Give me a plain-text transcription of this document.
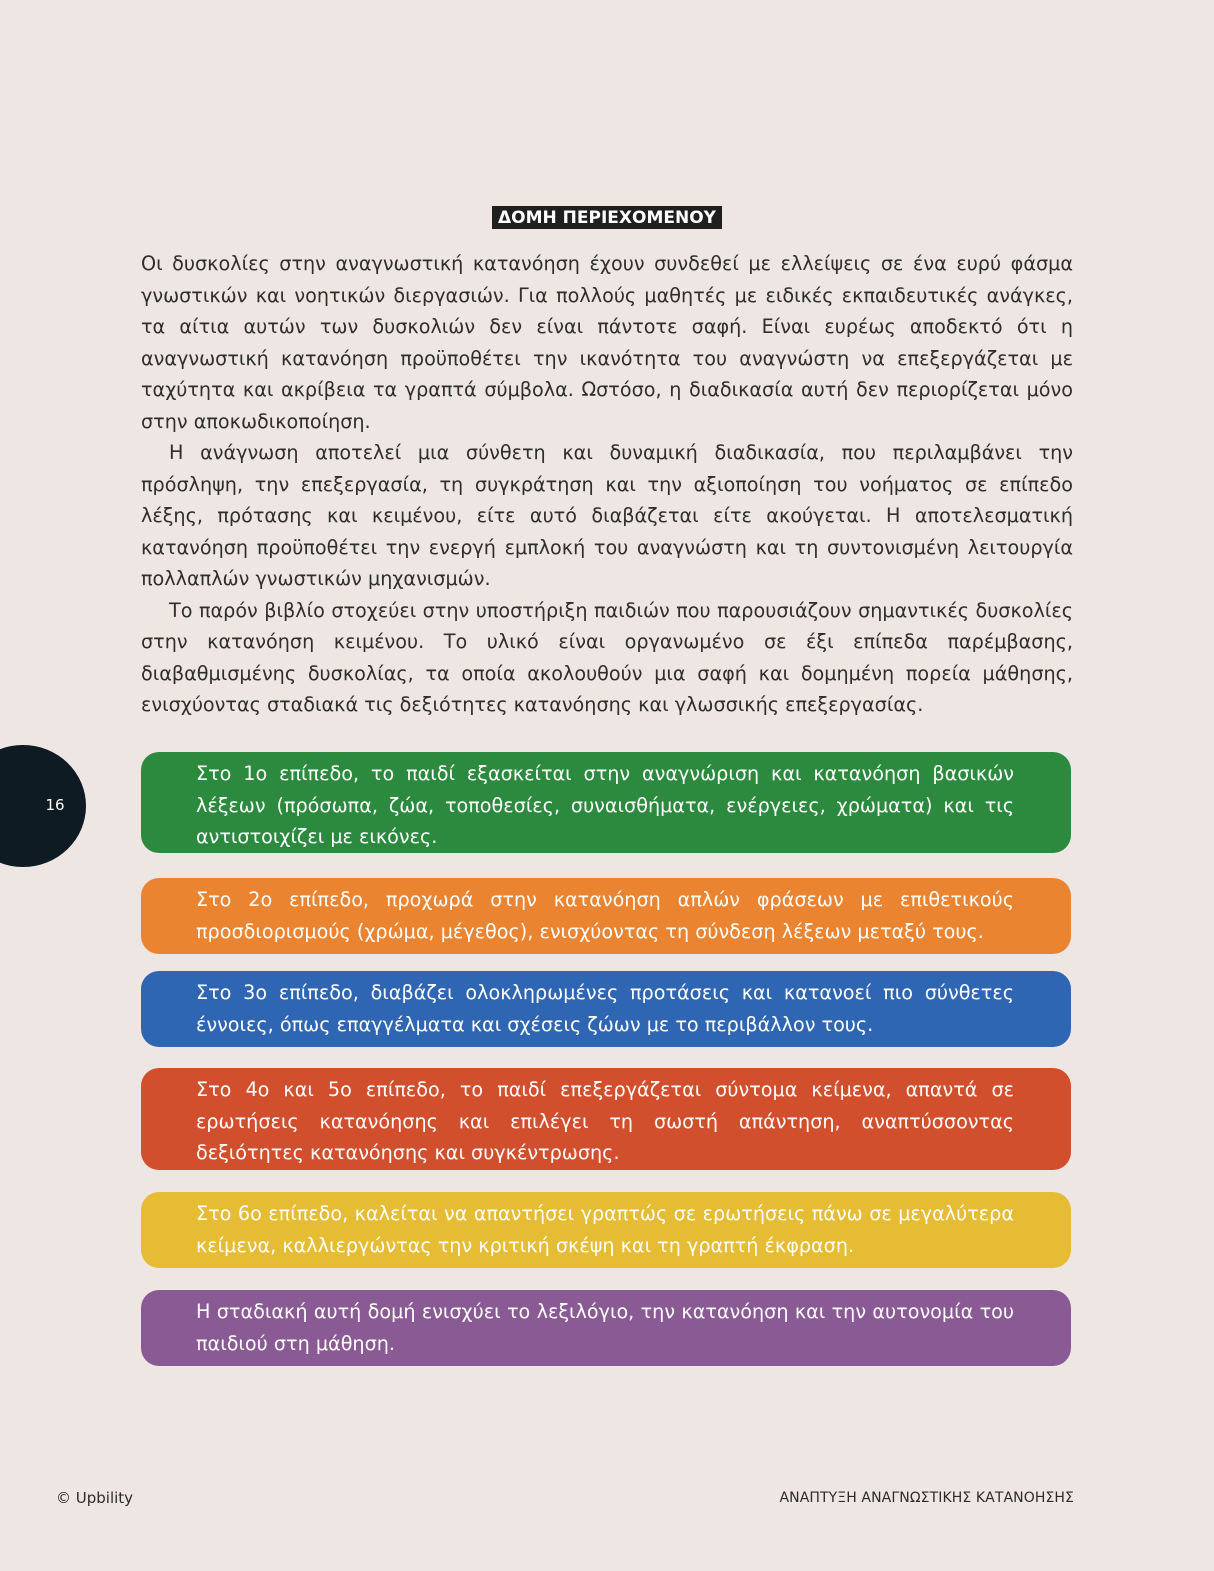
ΔΟΜΗ ΠΕΡΙΕΧΟΜΕΝΟΥ

Οι δυσκολίες στην αναγνωστική κατανόηση έχουν συνδεθεί με ελλείψεις σε ένα ευρύ φάσμα γνωστικών και νοητικών διεργασιών. Για πολλούς μαθητές με ειδικές εκπαιδευτικές ανάγκες, τα αίτια αυτών των δυσκολιών δεν είναι πάντοτε σαφή. Είναι ευρέως αποδεκτό ότι η αναγνωστική κατανόηση προϋποθέτει την ικανότητα του αναγνώστη να επεξεργάζεται με ταχύτητα και ακρίβεια τα γραπτά σύμβολα. Ωστόσο, η διαδικασία αυτή δεν περιορίζεται μόνο στην αποκωδικοποίηση.

Η ανάγνωση αποτελεί μια σύνθετη και δυναμική διαδικασία, που περιλαμβάνει την πρόσληψη, την επεξεργασία, τη συγκράτηση και την αξιοποίηση του νοήματος σε επίπεδο λέξης, πρότασης και κειμένου, είτε αυτό διαβάζεται είτε ακούγεται. Η αποτελεσματική κατανόηση προϋποθέτει την ενεργή εμπλοκή του αναγνώστη και τη συντονισμένη λειτουργία πολλαπλών γνωστικών μηχανισμών.

Το παρόν βιβλίο στοχεύει στην υποστήριξη παιδιών που παρουσιάζουν σημαντικές δυσκολίες στην κατανόηση κειμένου. Το υλικό είναι οργανωμένο σε έξι επίπεδα παρέμβασης, διαβαθμισμένης δυσκολίας, τα οποία ακολουθούν μια σαφή και δομημένη πορεία μάθησης, ενισχύοντας σταδιακά τις δεξιότητες κατανόησης και γλωσσικής επεξεργασίας.

16
Στο 1ο επίπεδο, το παιδί εξασκείται στην αναγνώριση και κατανόηση βασικών λέξεων (πρόσωπα, ζώα, τοποθεσίες, συναισθήματα, ενέργειες, χρώματα) και τις αντιστοιχίζει με εικόνες.
Στο 2ο επίπεδο, προχωρά στην κατανόηση απλών φράσεων με επιθετικούς προσδιορισμούς (χρώμα, μέγεθος), ενισχύοντας τη σύνδεση λέξεων μεταξύ τους.
Στο 3ο επίπεδο, διαβάζει ολοκληρωμένες προτάσεις και κατανοεί πιο σύνθετες έννοιες, όπως επαγγέλματα και σχέσεις ζώων με το περιβάλλον τους.
Στο 4ο και 5ο επίπεδο, το παιδί επεξεργάζεται σύντομα κείμενα, απαντά σε ερωτήσεις κατανόησης και επιλέγει τη σωστή απάντηση, αναπτύσσοντας δεξιότητες κατανόησης και συγκέντρωσης.
Στο 6ο επίπεδο, καλείται να απαντήσει γραπτώς σε ερωτήσεις πάνω σε μεγαλύτερα κείμενα, καλλιεργώντας την κριτική σκέψη και τη γραπτή έκφραση.
Η σταδιακή αυτή δομή ενισχύει το λεξιλόγιο, την κατανόηση και την αυτονομία του παιδιού στη μάθηση.
© Upbility	ΑΝΑΠΤΥΞΗ ΑΝΑΓΝΩΣΤΙΚΗΣ ΚΑΤΑΝΟΗΣΗΣ
